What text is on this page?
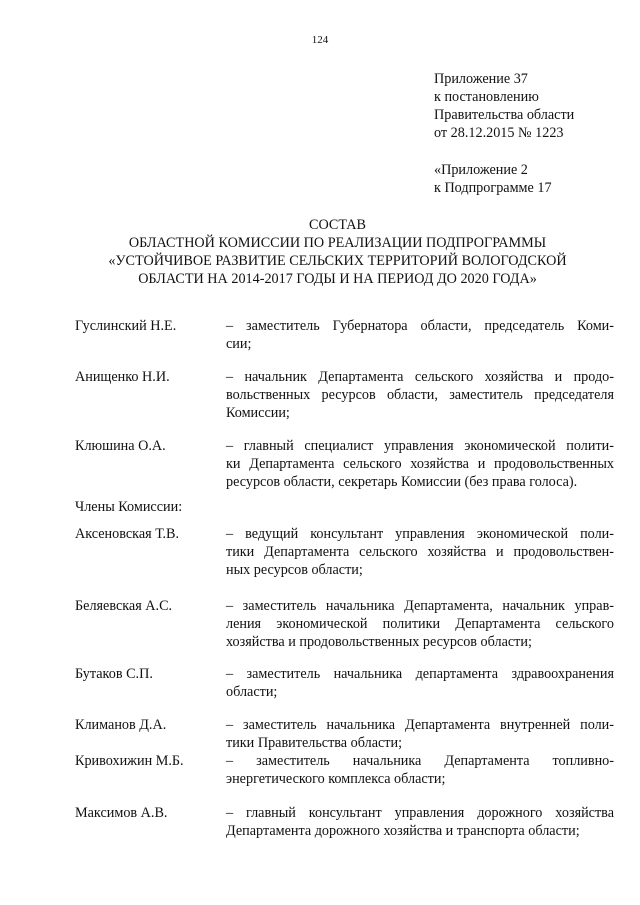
124
Приложение 37
к постановлению
Правительства области
от 28.12.2015 № 1223
«Приложение 2
к Подпрограмме 17
СОСТАВ
ОБЛАСТНОЙ КОМИССИИ ПО РЕАЛИЗАЦИИ ПОДПРОГРАММЫ
«УСТОЙЧИВОЕ РАЗВИТИЕ СЕЛЬСКИХ ТЕРРИТОРИЙ ВОЛОГОДСКОЙ
ОБЛАСТИ НА 2014-2017 ГОДЫ И НА ПЕРИОД ДО 2020 ГОДА»
Гуслинский Н.Е.	– заместитель Губернатора области, председатель Коми-
сии;
Анищенко Н.И.	– начальник Департамента сельского хозяйства и продо-
вольственных ресурсов области, заместитель председателя
Комиссии;
Клюшина О.А.	– главный специалист управления экономической полити-
ки Департамента сельского хозяйства и продовольственных
ресурсов области, секретарь Комиссии (без права голоса).
Члены Комиссии:
Аксеновская Т.В.	– ведущий консультант управления экономической поли-
тики Департамента сельского хозяйства и продовольствен-
ных ресурсов области;
Беляевская А.С.	– заместитель начальника Департамента, начальник управ-
ления экономической политики Департамента сельского
хозяйства и продовольственных ресурсов области;
Бутаков С.П.	– заместитель начальника департамента здравоохранения
области;
Климанов Д.А.	– заместитель начальника Департамента внутренней поли-
тики Правительства области;
Кривохижин М.Б.	– заместитель начальника Департамента топливно-
энергетического комплекса области;
Максимов А.В.	– главный консультант управления дорожного хозяйства
Департамента дорожного хозяйства и транспорта области;
